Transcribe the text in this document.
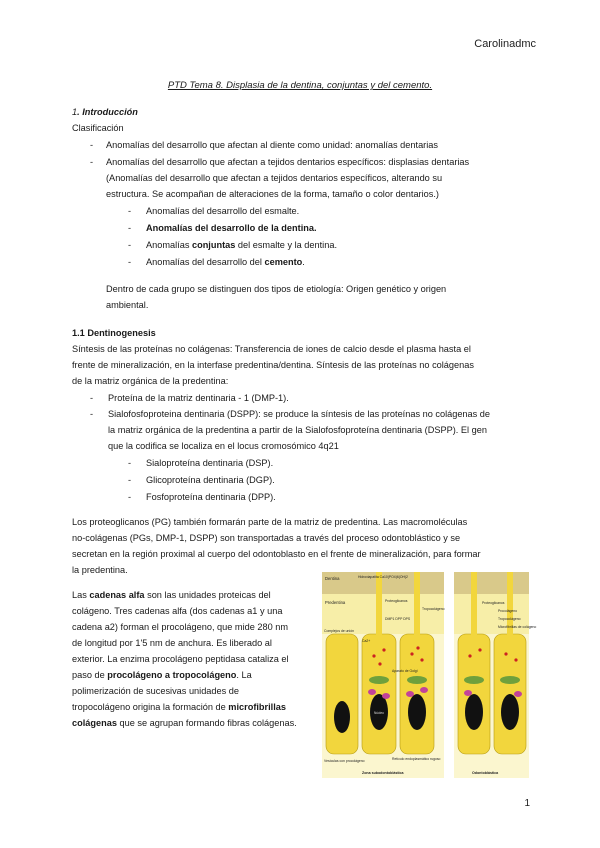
Carolinadmc
PTD Tema 8. Displasia de la dentina, conjuntas y del cemento.
1. Introducción
Clasificación
- Anomalías del desarrollo que afectan al diente como unidad: anomalías dentarias
- Anomalías del desarrollo que afectan a tejidos dentarios específicos: displasias dentarias
(Anomalías del desarrollo que afectan a tejidos dentarios específicos, alterando su
estructura. Se acompañan de alteraciones de la forma, tamaño o color dentarios.)
- Anomalías del desarrollo del esmalte.
- Anomalías del desarrollo de la dentina.
- Anomalías conjuntas del esmalte y la dentina.
- Anomalías del desarrollo del cemento.
Dentro de cada grupo se distinguen dos tipos de etiología: Origen genético y origen
ambiental.
1.1 Dentinogenesis
Síntesis de las proteínas no colágenas: Transferencia de iones de calcio desde el plasma hasta el
frente de mineralización, en la interfase predentina/dentina. Síntesis de las proteínas no colágenas
de la matriz orgánica de la predentina:
- Proteína de la matriz dentinaria - 1 (DMP-1).
- Sialofosfoproteina dentinaria (DSPP): se produce la síntesis de las proteínas no colágenas de
la matriz orgánica de la predentina a partir de la Sialofosfoproteína dentinaria (DSPP). El gen
que la codifica se localiza en el locus cromosómico 4q21
- Sialoproteína dentinaria (DSP).
- Glicoproteína dentinaria (DGP).
- Fosfoproteína dentinaria (DPP).
Los proteoglicanos (PG) también formarán parte de la matriz de predentina. Las macromoléculas
no-colágenas (PGs, DMP-1, DSPP) son transportadas a través del proceso odontoblástico y se
secretan en la región proximal al cuerpo del odontoblasto en el frente de mineralización, para formar
la predentina.
Las cadenas alfa son las unidades proteicas del
colágeno. Tres cadenas alfa (dos cadenas a1 y una
cadena a2) forman el procolágeno, que mide 280 nm
de longitud por 1'5 nm de anchura. Es liberado al
exterior. La enzima procolágeno peptidasa cataliza el
paso de procolágeno a tropocolágeno. La
polimerización de sucesivas unidades de
tropocolágeno origina la formación de microfibrillas
colágenas que se agrupan formando fibras colágenas.
Dentina	Hidroxiapatita Ca10(PO4)6(OH)2
Predentina	Proteoglicanos
DMP1 DPP DPS
Tropocolágeno
Ca2+
Complejos de unión
Aparato de Golgi
Núcleo
Vesículas con procolágeno	Retículo endoplasmático rugoso
Zona subodontoblástica
Proteoglicanos
Procolágeno
Tropocolágeno
Microfibrillas de colágeno
Odontoblástica
1
